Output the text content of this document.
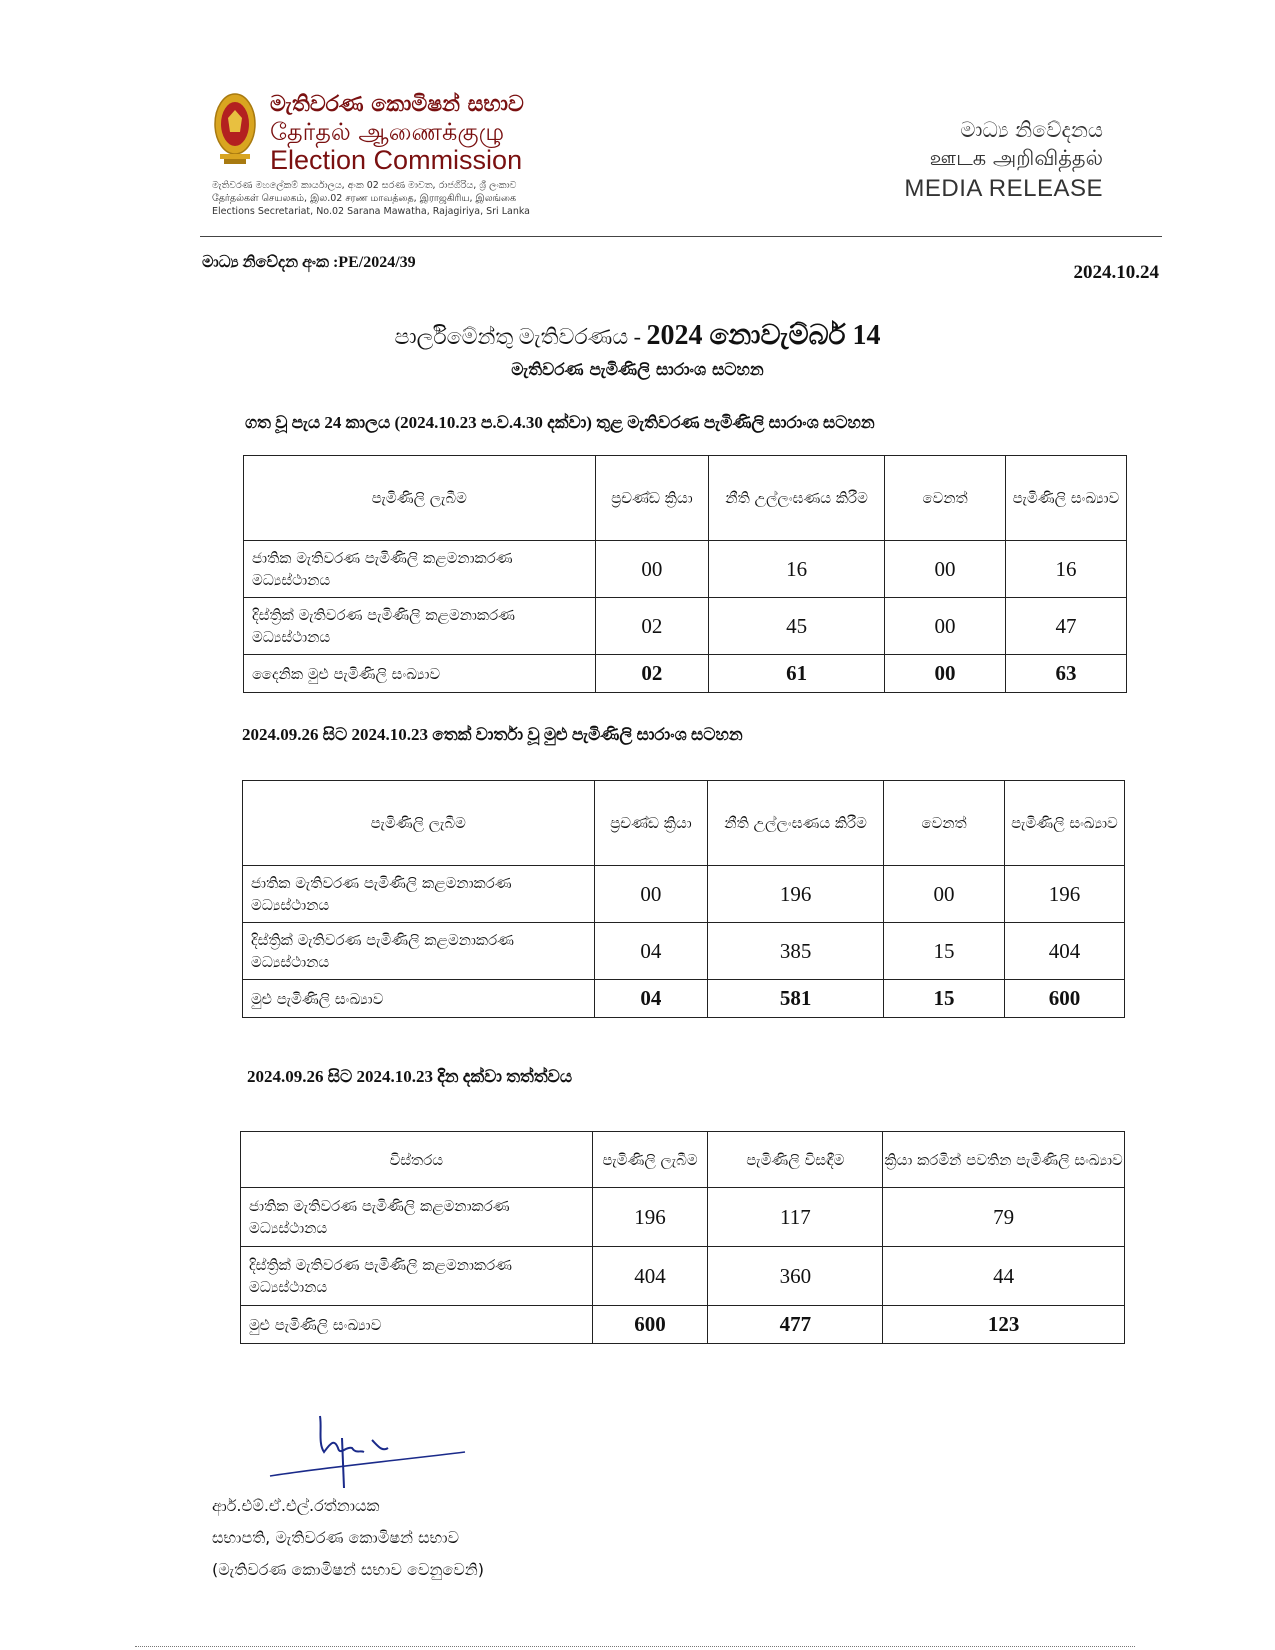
මැතිවරණ කොමිෂන් සභාව
தேர்தல் ஆணைக்குழு
Election Commission
මැතිවරණ මහලේකම් කාර්යාලය, අංක 02 සරණ මාවත, රාජගිරිය, ශ්‍රී ලංකාව
தேர்தல்கள் செயலகம், இல.02 சரண மாவத்தை, இராஜகிரிய, இலங்கை
Elections Secretariat, No.02 Sarana Mawatha, Rajagiriya, Sri Lanka
මාධ්‍ය නිවේදනය
ஊடக அறிவித்தல்
MEDIA RELEASE
මාධ්‍ය නිවේදන අංක :PE/2024/39	2024.10.24
පාර්ලිමේන්තු මැතිවරණය - 2024 නොවැම්බර් 14
මැතිවරණ පැමිණිලි සාරාංශ සටහන
ගත වූ පැය 24 කාලය (2024.10.23 ප.ව.4.30 දක්වා) තුළ මැතිවරණ පැමිණිලි සාරාංශ සටහන
පැමිණිලි ලැබීම	ප්‍රචණ්ඩ ක්‍රියා	නීති උල්ලංඝණය කිරීම	වෙනත්	පැමිණිලි සංඛ්‍යාව
ජාතික මැතිවරණ පැමිණිලි කළමනාකරණ මධ්‍යස්ථානය	00	16	00	16
දිස්ත්‍රික් මැතිවරණ පැමිණිලි කළමනාකරණ මධ්‍යස්ථානය	02	45	00	47
දෛනික මුළු පැමිණිලි සංඛ්‍යාව	02	61	00	63
2024.09.26 සිට 2024.10.23 තෙක් වාර්තා වූ මුළු පැමිණිලි සාරාංශ සටහන
පැමිණිලි ලැබීම	ප්‍රචණ්ඩ ක්‍රියා	නීති උල්ලංඝණය කිරීම	වෙනත්	පැමිණිලි සංඛ්‍යාව
ජාතික මැතිවරණ පැමිණිලි කළමනාකරණ මධ්‍යස්ථානය	00	196	00	196
දිස්ත්‍රික් මැතිවරණ පැමිණිලි කළමනාකරණ මධ්‍යස්ථානය	04	385	15	404
මුළු පැමිණිලි සංඛ්‍යාව	04	581	15	600
2024.09.26 සිට 2024.10.23 දින දක්වා තත්ත්වය
විස්තරය	පැමිණිලි ලැබීම	පැමිණිලි විසඳීම	ක්‍රියා කරමින් පවතින පැමිණිලි සංඛ්‍යාව
ජාතික මැතිවරණ පැමිණිලි කළමනාකරණ මධ්‍යස්ථානය	196	117	79
දිස්ත්‍රික් මැතිවරණ පැමිණිලි කළමනාකරණ මධ්‍යස්ථානය	404	360	44
මුළු පැමිණිලි සංඛ්‍යාව	600	477	123
ආර්.එම්.ඒ.එල්.රත්නායක
සභාපති, මැතිවරණ කොමිෂන් සභාව
(මැතිවරණ කොමිෂන් සභාව වෙනුවෙනි)
